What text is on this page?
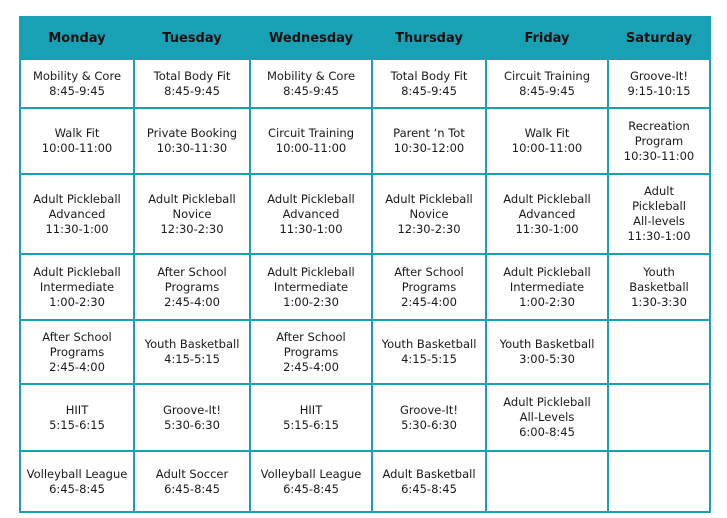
Monday	Tuesday	Wednesday	Thursday	Friday	Saturday

Mobility & Core
8:45-9:45	Total Body Fit
8:45-9:45	Mobility & Core
8:45-9:45	Total Body Fit
8:45-9:45	Circuit Training
8:45-9:45	Groove-It!
9:15-10:15

Walk Fit
10:00-11:00	Private Booking
10:30-11:30	Circuit Training
10:00-11:00	Parent ‘n Tot
10:30-12:00	Walk Fit
10:00-11:00	Recreation
Program
10:30-11:00

Adult Pickleball
Advanced
11:30-1:00	Adult Pickleball
Novice
12:30-2:30	Adult Pickleball
Advanced
11:30-1:00	Adult Pickleball
Novice
12:30-2:30	Adult Pickleball
Advanced
11:30-1:00	Adult
Pickleball
All-levels
11:30-1:00

Adult Pickleball
Intermediate
1:00-2:30	After School
Programs
2:45-4:00	Adult Pickleball
Intermediate
1:00-2:30	After School
Programs
2:45-4:00	Adult Pickleball
Intermediate
1:00-2:30	Youth
Basketball
1:30-3:30

After School
Programs
2:45-4:00	Youth Basketball
4:15-5:15	After School
Programs
2:45-4:00	Youth Basketball
4:15-5:15	Youth Basketball
3:00-5:30	

HIIT
5:15-6:15	Groove-It!
5:30-6:30	HIIT
5:15-6:15	Groove-It!
5:30-6:30	Adult Pickleball
All-Levels
6:00-8:45	

Volleyball League
6:45-8:45	Adult Soccer
6:45-8:45	Volleyball League
6:45-8:45	Adult Basketball
6:45-8:45		
